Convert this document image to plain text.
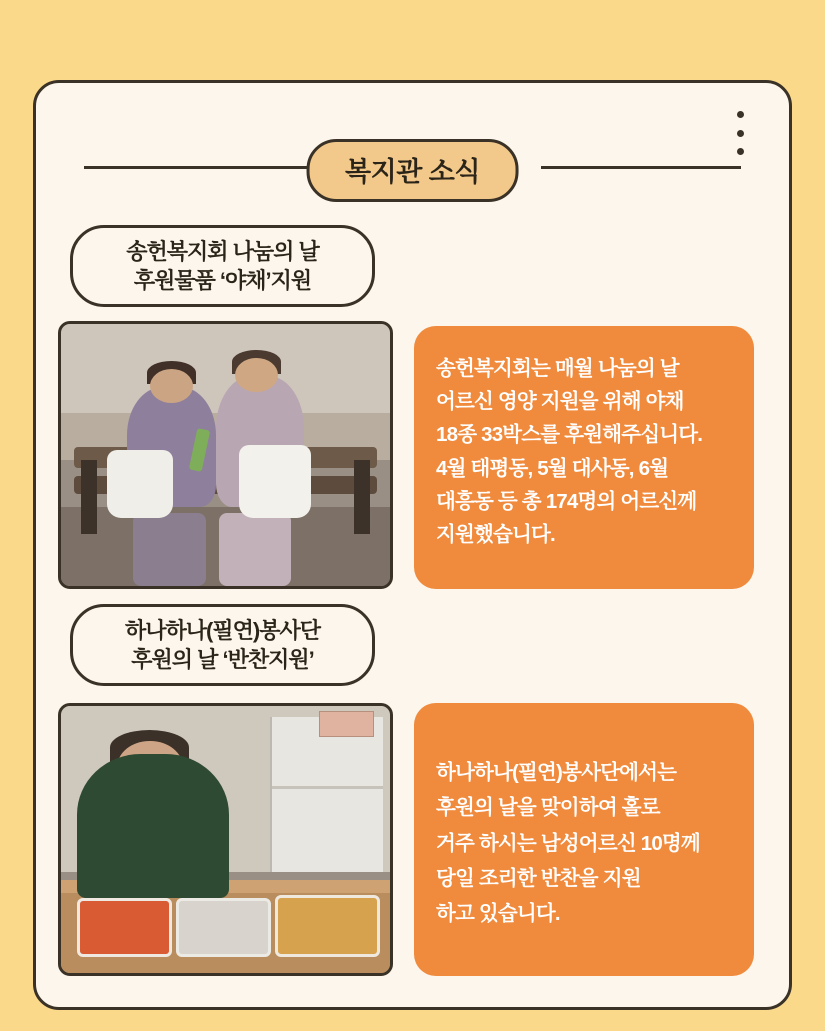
복지관 소식
송헌복지회 나눔의 날
후원물품 ‘야채’지원

송헌복지회는 매월 나눔의 날

어르신 영양 지원을 위해 야채

18종 33박스를 후원해주십니다.

4월 태평동, 5월 대사동, 6월

대흥동 등 총 174명의 어르신께

지원했습니다.

하나하나(필연)봉사단
후원의 날 ‘반찬지원’

하나하나(필연)봉사단에서는

후원의 날을 맞이하여 홀로

거주 하시는 남성어르신 10명께

당일 조리한 반찬을 지원

하고 있습니다.
